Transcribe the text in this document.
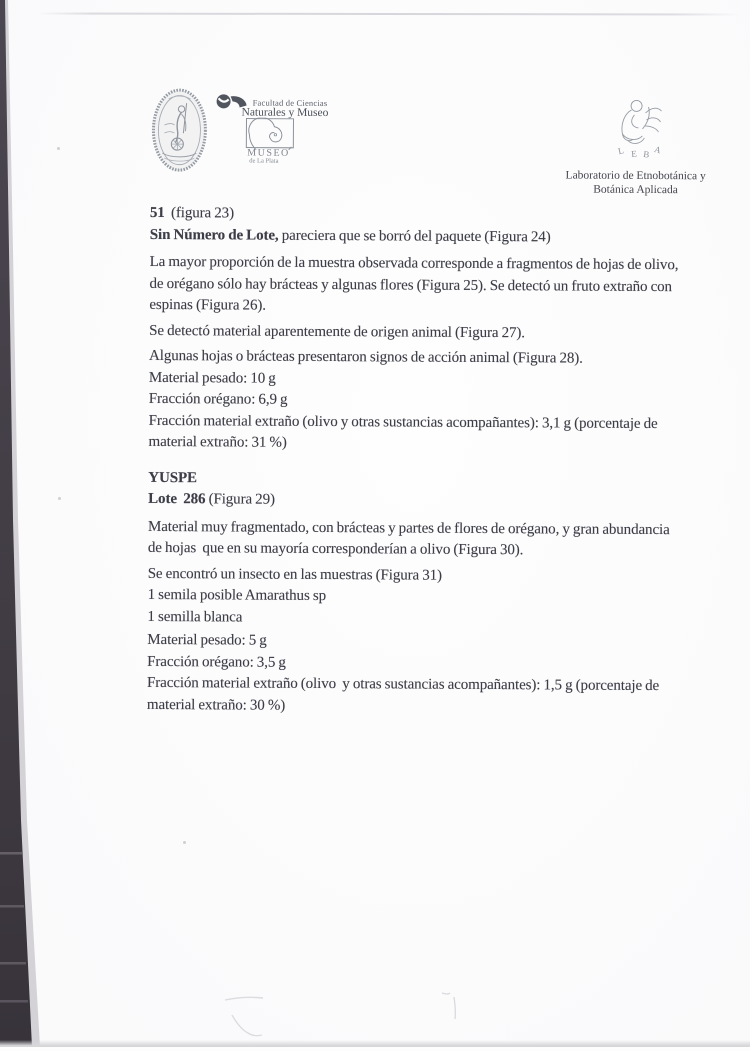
Facultad de Ciencias
Naturales y Museo
MUSEO
de La Plata
L E B A
Laboratorio de Etnobotánica y
Botánica Aplicada
51  (figura 23)
Sin Número de Lote, pareciera que se borró del paquete (Figura 24)
La mayor proporción de la muestra observada corresponde a fragmentos de hojas de olivo,
de orégano sólo hay brácteas y algunas flores (Figura 25). Se detectó un fruto extraño con
espinas (Figura 26).
Se detectó material aparentemente de origen animal (Figura 27).
Algunas hojas o brácteas presentaron signos de acción animal (Figura 28).
Material pesado: 10 g
Fracción orégano: 6,9 g
Fracción material extraño (olivo y otras sustancias acompañantes): 3,1 g (porcentaje de
material extraño: 31 %)
YUSPE
Lote  286 (Figura 29)
Material muy fragmentado, con brácteas y partes de flores de orégano, y gran abundancia
de hojas  que en su mayoría corresponderían a olivo (Figura 30).
Se encontró un insecto en las muestras (Figura 31)
1 semila posible Amarathus sp
1 semilla blanca
Material pesado: 5 g
Fracción orégano: 3,5 g
Fracción material extraño (olivo  y otras sustancias acompañantes): 1,5 g (porcentaje de
material extraño: 30 %)
